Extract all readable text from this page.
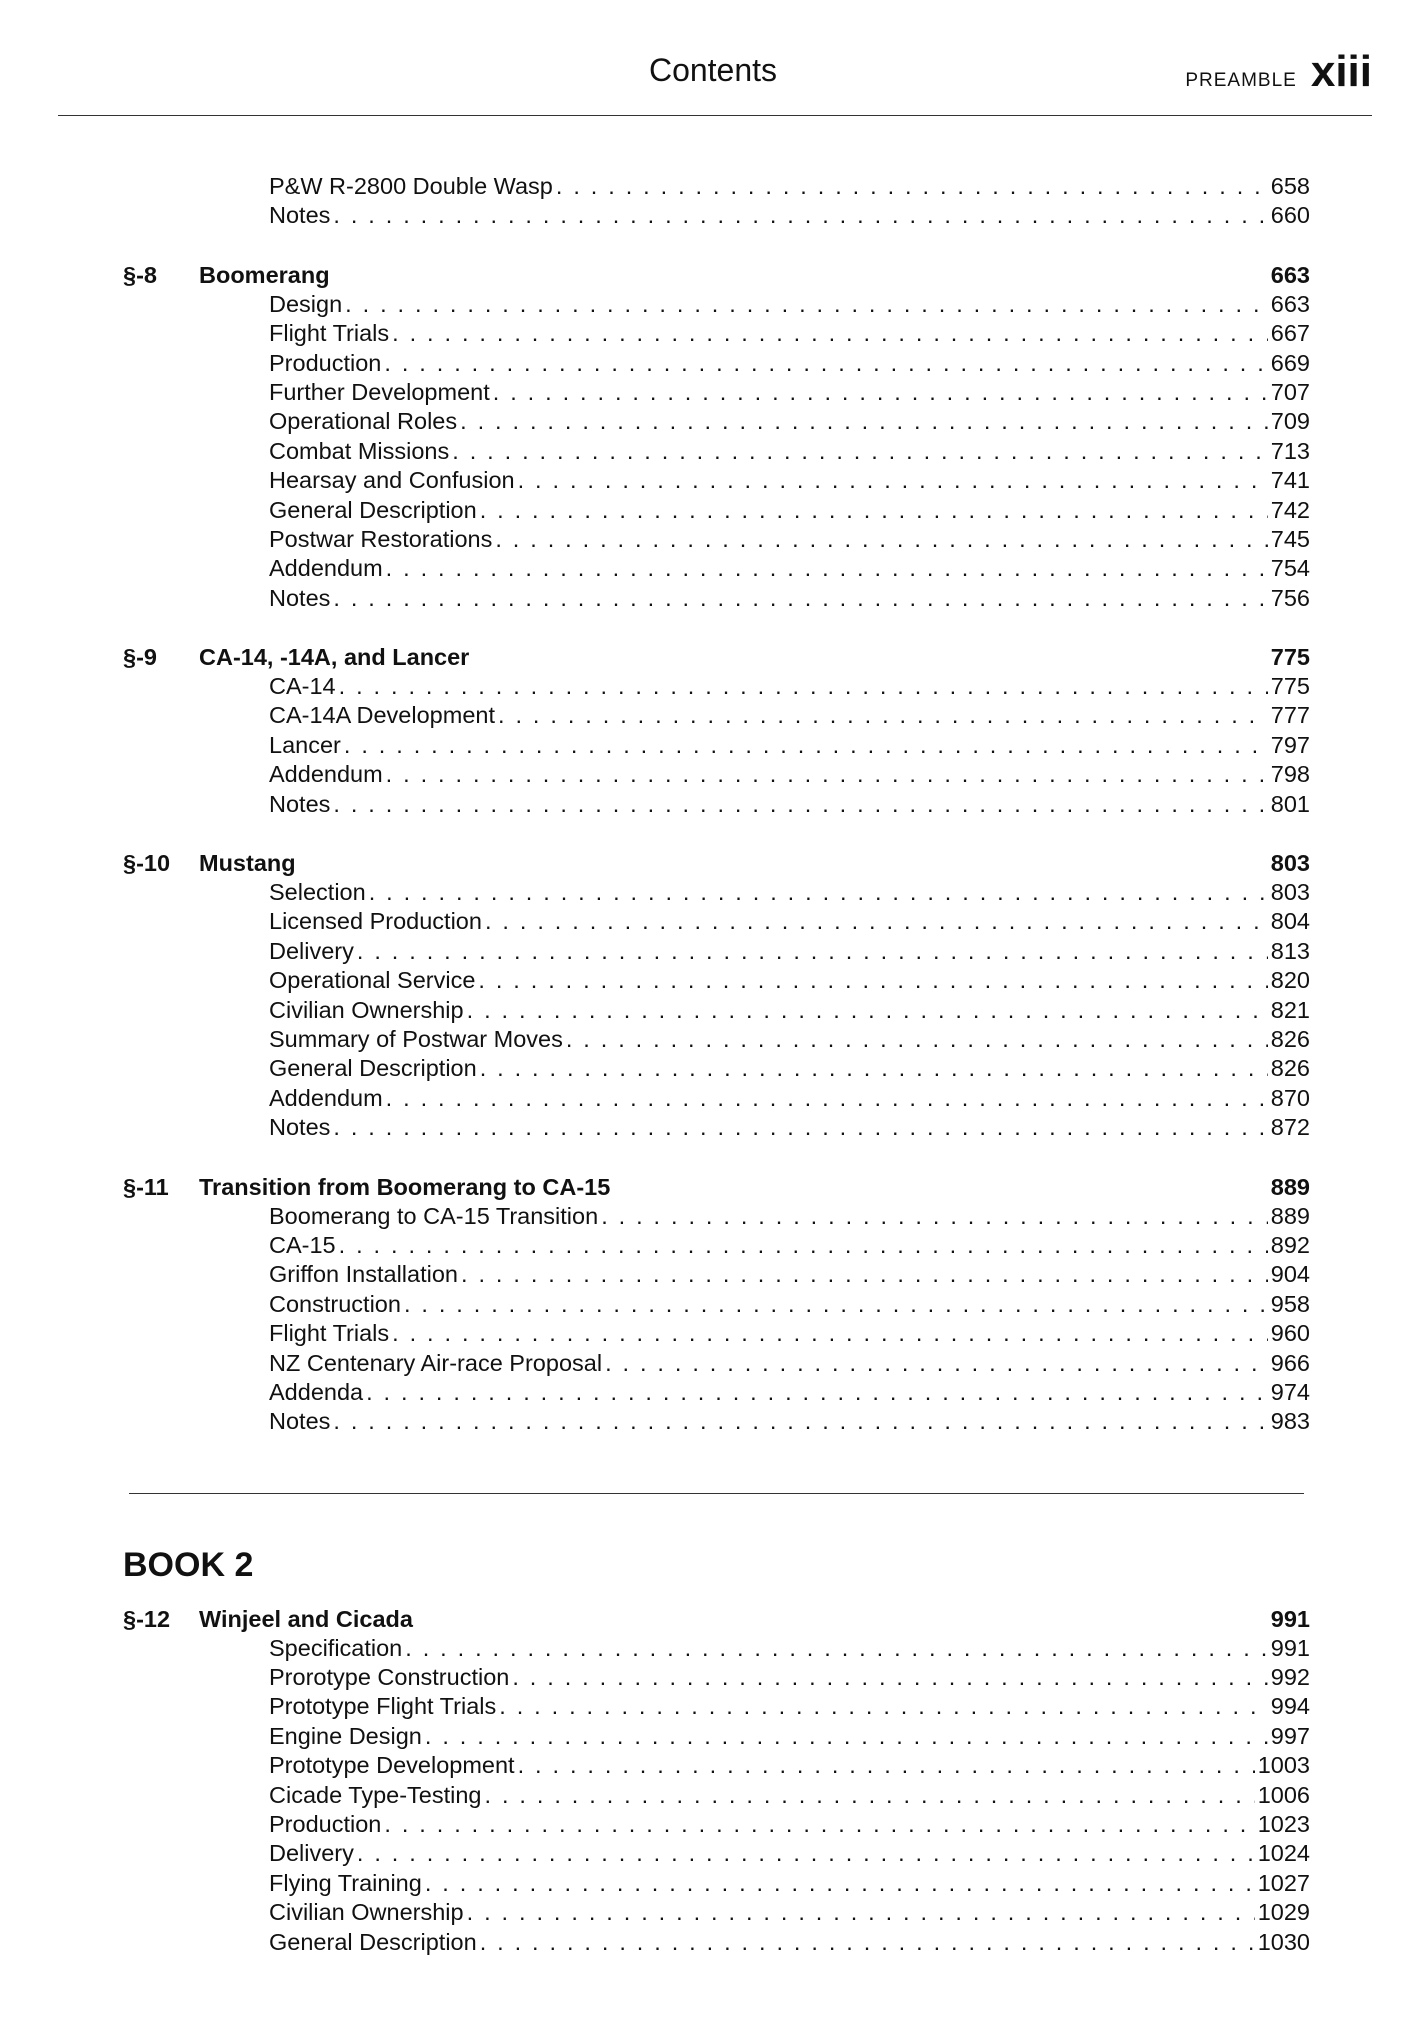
Contents	PREAMBLE xiii
P&W R-2800 Double Wasp . . .	658
Notes . . .	660
§-8	Boomerang	663
Design . . .	663
Flight Trials . . .	667
Production . . .	669
Further Development . . .	707
Operational Roles . . .	709
Combat Missions . . .	713
Hearsay and Confusion . . .	741
General Description . . .	742
Postwar Restorations . . .	745
Addendum . . .	754
Notes . . .	756
§-9	CA-14, -14A, and Lancer	775
CA-14 . . .	775
CA-14A Development . . .	777
Lancer . . .	797
Addendum . . .	798
Notes . . .	801
§-10	Mustang	803
Selection . . .	803
Licensed Production . . .	804
Delivery . . .	813
Operational Service . . .	820
Civilian Ownership . . .	821
Summary of Postwar Moves . . .	826
General Description . . .	826
Addendum . . .	870
Notes . . .	872
§-11	Transition from Boomerang to CA-15	889
Boomerang to CA-15 Transition . . .	889
CA-15 . . .	892
Griffon Installation . . .	904
Construction . . .	958
Flight Trials . . .	960
NZ Centenary Air-race Proposal . . .	966
Addenda . . .	974
Notes . . .	983
BOOK 2
§-12	Winjeel and Cicada	991
Specification . . .	991
Prorotype Construction . . .	992
Prototype Flight Trials . . .	994
Engine Design . . .	997
Prototype Development . . .	1003
Cicade Type-Testing . . .	1006
Production . . .	1023
Delivery . . .	1024
Flying Training . . .	1027
Civilian Ownership . . .	1029
General Description . . .	1030
